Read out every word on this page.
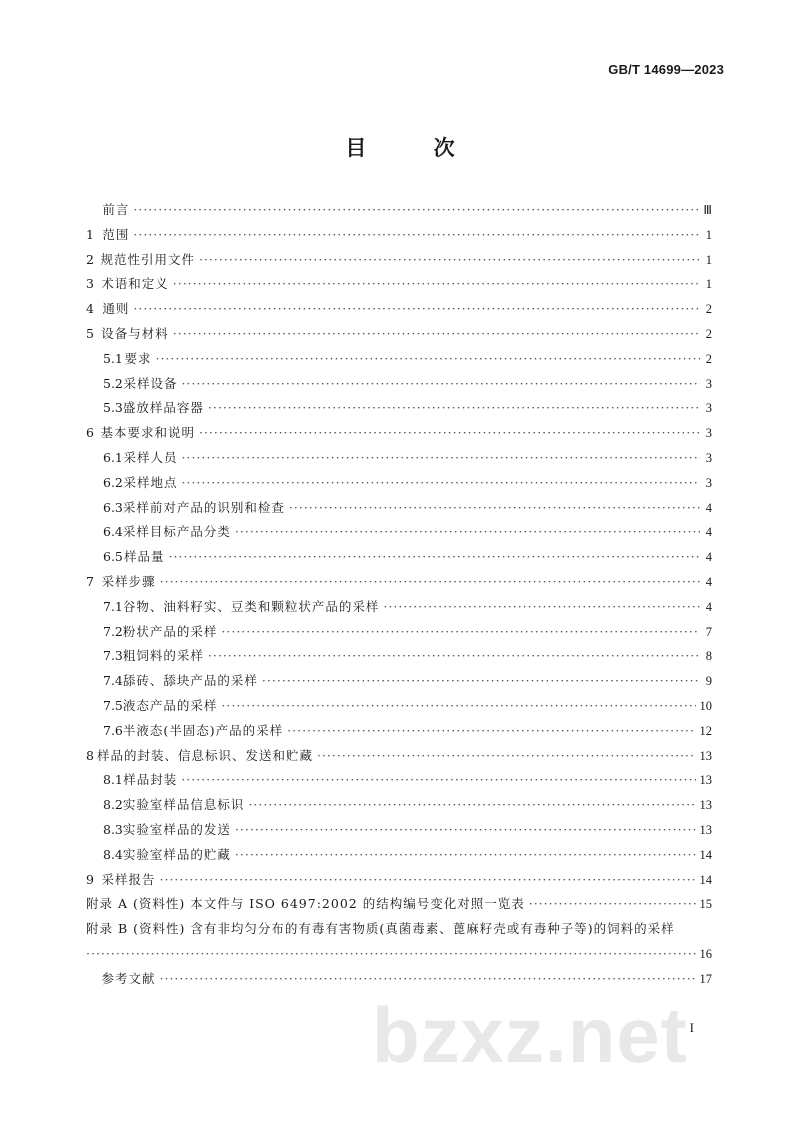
GB/T 14699—2023
目 次
前言 ·····	Ⅲ
1 范围 ·····	1
2 规范性引用文件 ·····	1
3 术语和定义 ·····	1
4 通则 ·····	2
5 设备与材料 ·····	2
5.1 要求 ·····	2
5.2 采样设备 ·····	3
5.3 盛放样品容器 ·····	3
6 基本要求和说明 ·····	3
6.1 采样人员 ·····	3
6.2 采样地点 ·····	3
6.3 采样前对产品的识别和检查 ·····	4
6.4 采样目标产品分类 ·····	4
6.5 样品量 ·····	4
7 采样步骤 ·····	4
7.1 谷物、油料籽实、豆类和颗粒状产品的采样 ·····	4
7.2 粉状产品的采样 ·····	7
7.3 粗饲料的采样 ·····	8
7.4 舔砖、舔块产品的采样 ·····	9
7.5 液态产品的采样 ·····	10
7.6 半液态(半固态)产品的采样 ·····	12
8 样品的封装、信息标识、发送和贮藏 ·····	13
8.1 样品封装 ·····	13
8.2 实验室样品信息标识 ·····	13
8.3 实验室样品的发送 ·····	13
8.4 实验室样品的贮藏 ·····	14
9 采样报告 ·····	14
附录 A (资料性) 本文件与 ISO 6497:2002 的结构编号变化对照一览表 ·····	15
附录 B (资料性) 含有非均匀分布的有毒有害物质(真菌毒素、蓖麻籽壳或有毒种子等)的饲料的采样
·····
16
参考文献 ·····	17
I
bzxz.net
